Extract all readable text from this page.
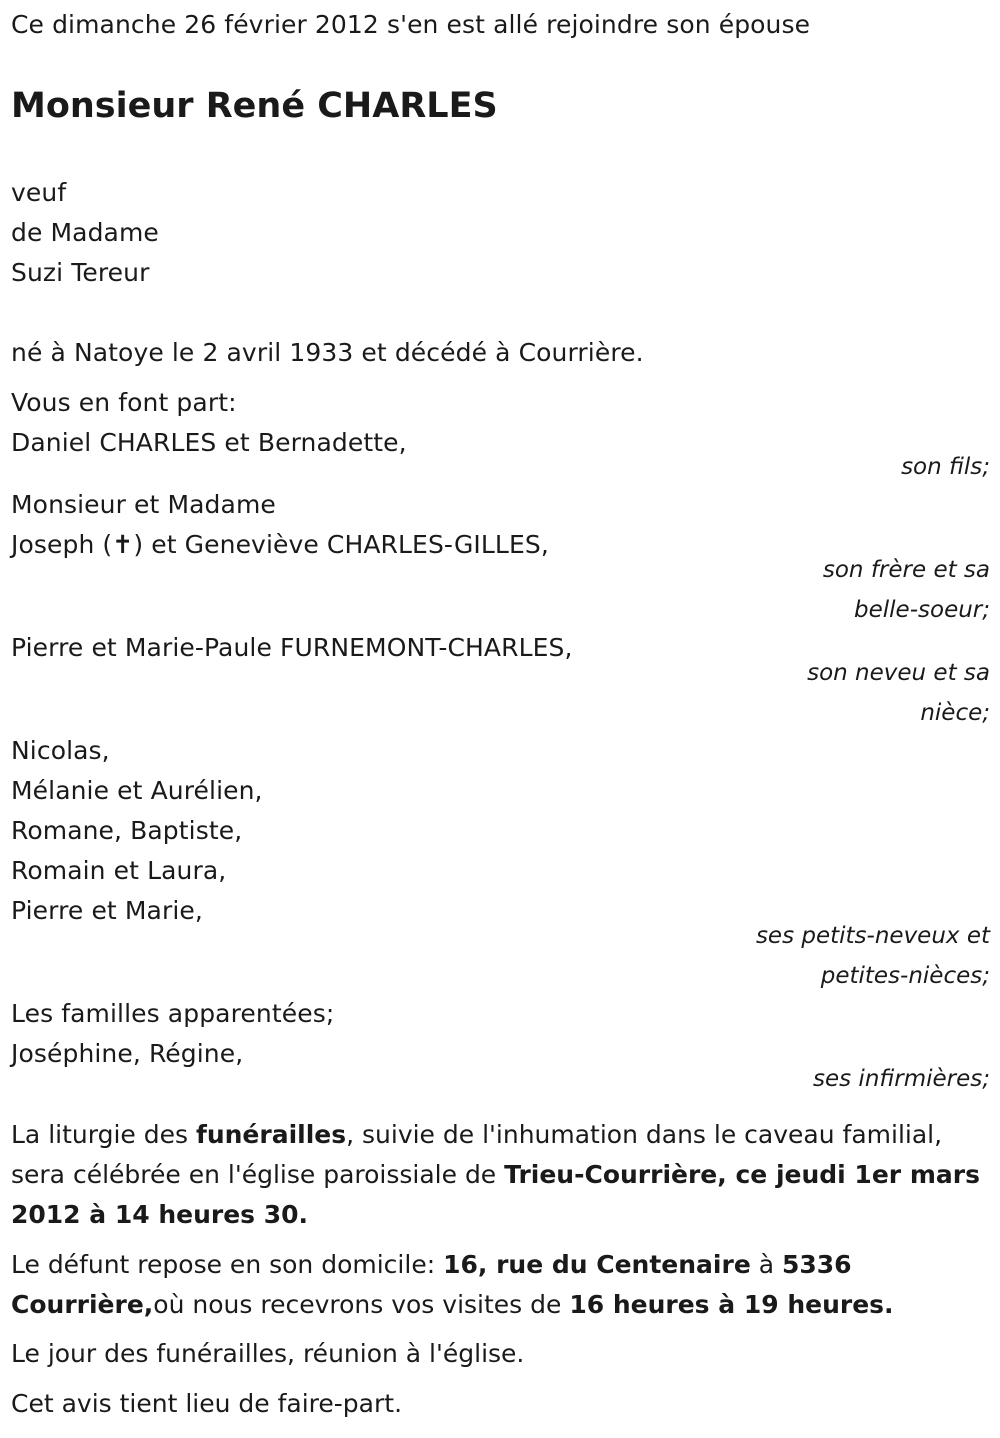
Ce dimanche 26 février 2012 s'en est allé rejoindre son épouse
Monsieur René CHARLES
veuf
de Madame
Suzi Tereur
né à Natoye le 2 avril 1933 et décédé à Courrière.
Vous en font part:
Daniel CHARLES et Bernadette,
son fils;
Monsieur et Madame
Joseph (✝) et Geneviève CHARLES-GILLES,
son frère et sa
belle-soeur;
Pierre et Marie-Paule FURNEMONT-CHARLES,
son neveu et sa
nièce;
Nicolas,
Mélanie et Aurélien,
Romane, Baptiste,
Romain et Laura,
Pierre et Marie,
ses petits-neveux et
petites-nièces;
Les familles apparentées;
Joséphine, Régine,
ses infirmières;
La liturgie des funérailles, suivie de l'inhumation dans le caveau familial, sera célébrée en l'église paroissiale de Trieu-Courrière, ce jeudi 1er mars 2012 à 14 heures 30.
Le défunt repose en son domicile: 16, rue du Centenaire à 5336 Courrière,où nous recevrons vos visites de 16 heures à 19 heures.
Le jour des funérailles, réunion à l'église.
Cet avis tient lieu de faire-part.
